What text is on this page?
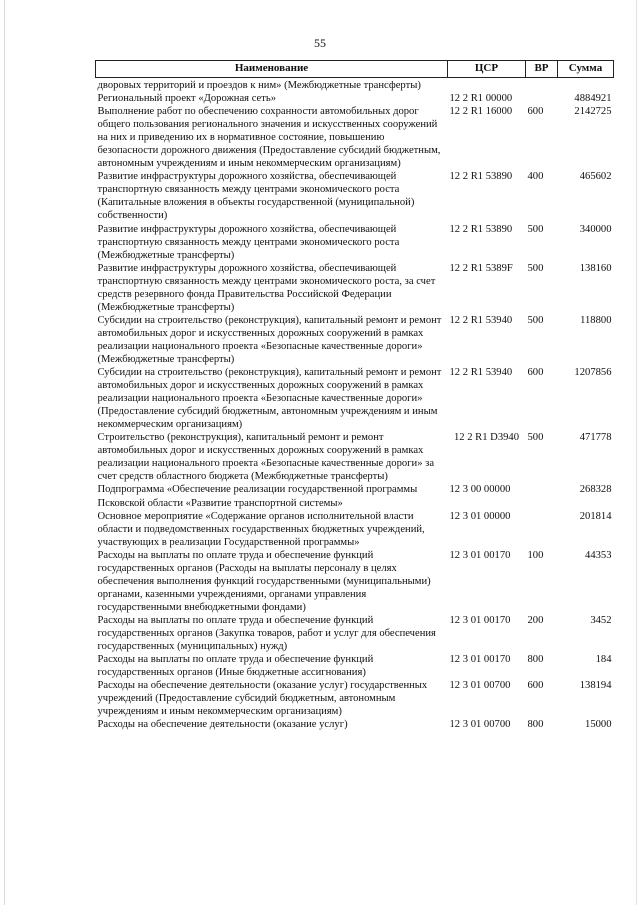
55
Наименование	ЦСР	ВР	Сумма
дворовых территорий и проездов к ним» (Межбюджетные трансферты)			
Региональный проект «Дорожная сеть»	12 2 R1 00000		4884921
Выполнение работ по обеспечению сохранности автомобильных дорог общего пользования регионального значения и искусственных сооружений на них и приведению их в нормативное состояние, повышению безопасности дорожного движения (Предоставление субсидий бюджетным, автономным учреждениям и иным некоммерческим организациям)	12 2 R1 16000	600	2142725
Развитие инфраструктуры дорожного хозяйства, обеспечивающей транспортную связанность между центрами экономического роста (Капитальные вложения в объекты государственной (муниципальной) собственности)	12 2 R1 53890	400	465602
Развитие инфраструктуры дорожного хозяйства, обеспечивающей транспортную связанность между центрами экономического роста (Межбюджетные трансферты)	12 2 R1 53890	500	340000
Развитие инфраструктуры дорожного хозяйства, обеспечивающей транспортную связанность между центрами экономического роста, за счет средств резервного фонда Правительства Российской Федерации (Межбюджетные трансферты)	12 2 R1 5389F	500	138160
Субсидии на строительство (реконструкция), капитальный ремонт и ремонт автомобильных дорог и искусственных дорожных сооружений в рамках реализации национального проекта «Безопасные качественные дороги» (Межбюджетные трансферты)	12 2 R1 53940	500	118800
Субсидии на строительство (реконструкция), капитальный ремонт и ремонт автомобильных дорог и искусственных дорожных сооружений в рамках реализации национального проекта «Безопасные качественные дороги» (Предоставление субсидий бюджетным, автономным учреждениям и иным некоммерческим организациям)	12 2 R1 53940	600	1207856
Строительство (реконструкция), капитальный ремонт и ремонт автомобильных дорог и искусственных дорожных сооружений в рамках реализации национального проекта «Безопасные качественные дороги» за счет средств областного бюджета (Межбюджетные трансферты)	12 2 R1 D3940	500	471778
Подпрограмма «Обеспечение реализации государственной программы Псковской области «Развитие транспортной системы»	12 3 00 00000		268328
Основное мероприятие «Содержание органов исполнительной власти области и подведомственных государственных бюджетных учреждений, участвующих в реализации Государственной программы»	12 3 01 00000		201814
Расходы на выплаты по оплате труда и обеспечение функций государственных органов (Расходы на выплаты персоналу в целях обеспечения выполнения функций государственными (муниципальными) органами, казенными учреждениями, органами управления государственными внебюджетными фондами)	12 3 01 00170	100	44353
Расходы на выплаты по оплате труда и обеспечение функций государственных органов (Закупка товаров, работ и услуг для обеспечения государственных (муниципальных) нужд)	12 3 01 00170	200	3452
Расходы на выплаты по оплате труда и обеспечение функций государственных органов (Иные бюджетные ассигнования)	12 3 01 00170	800	184
Расходы на обеспечение деятельности (оказание услуг) государственных учреждений (Предоставление субсидий бюджетным, автономным учреждениям и иным некоммерческим организациям)	12 3 01 00700	600	138194
Расходы на обеспечение деятельности (оказание услуг)	12 3 01 00700	800	15000
